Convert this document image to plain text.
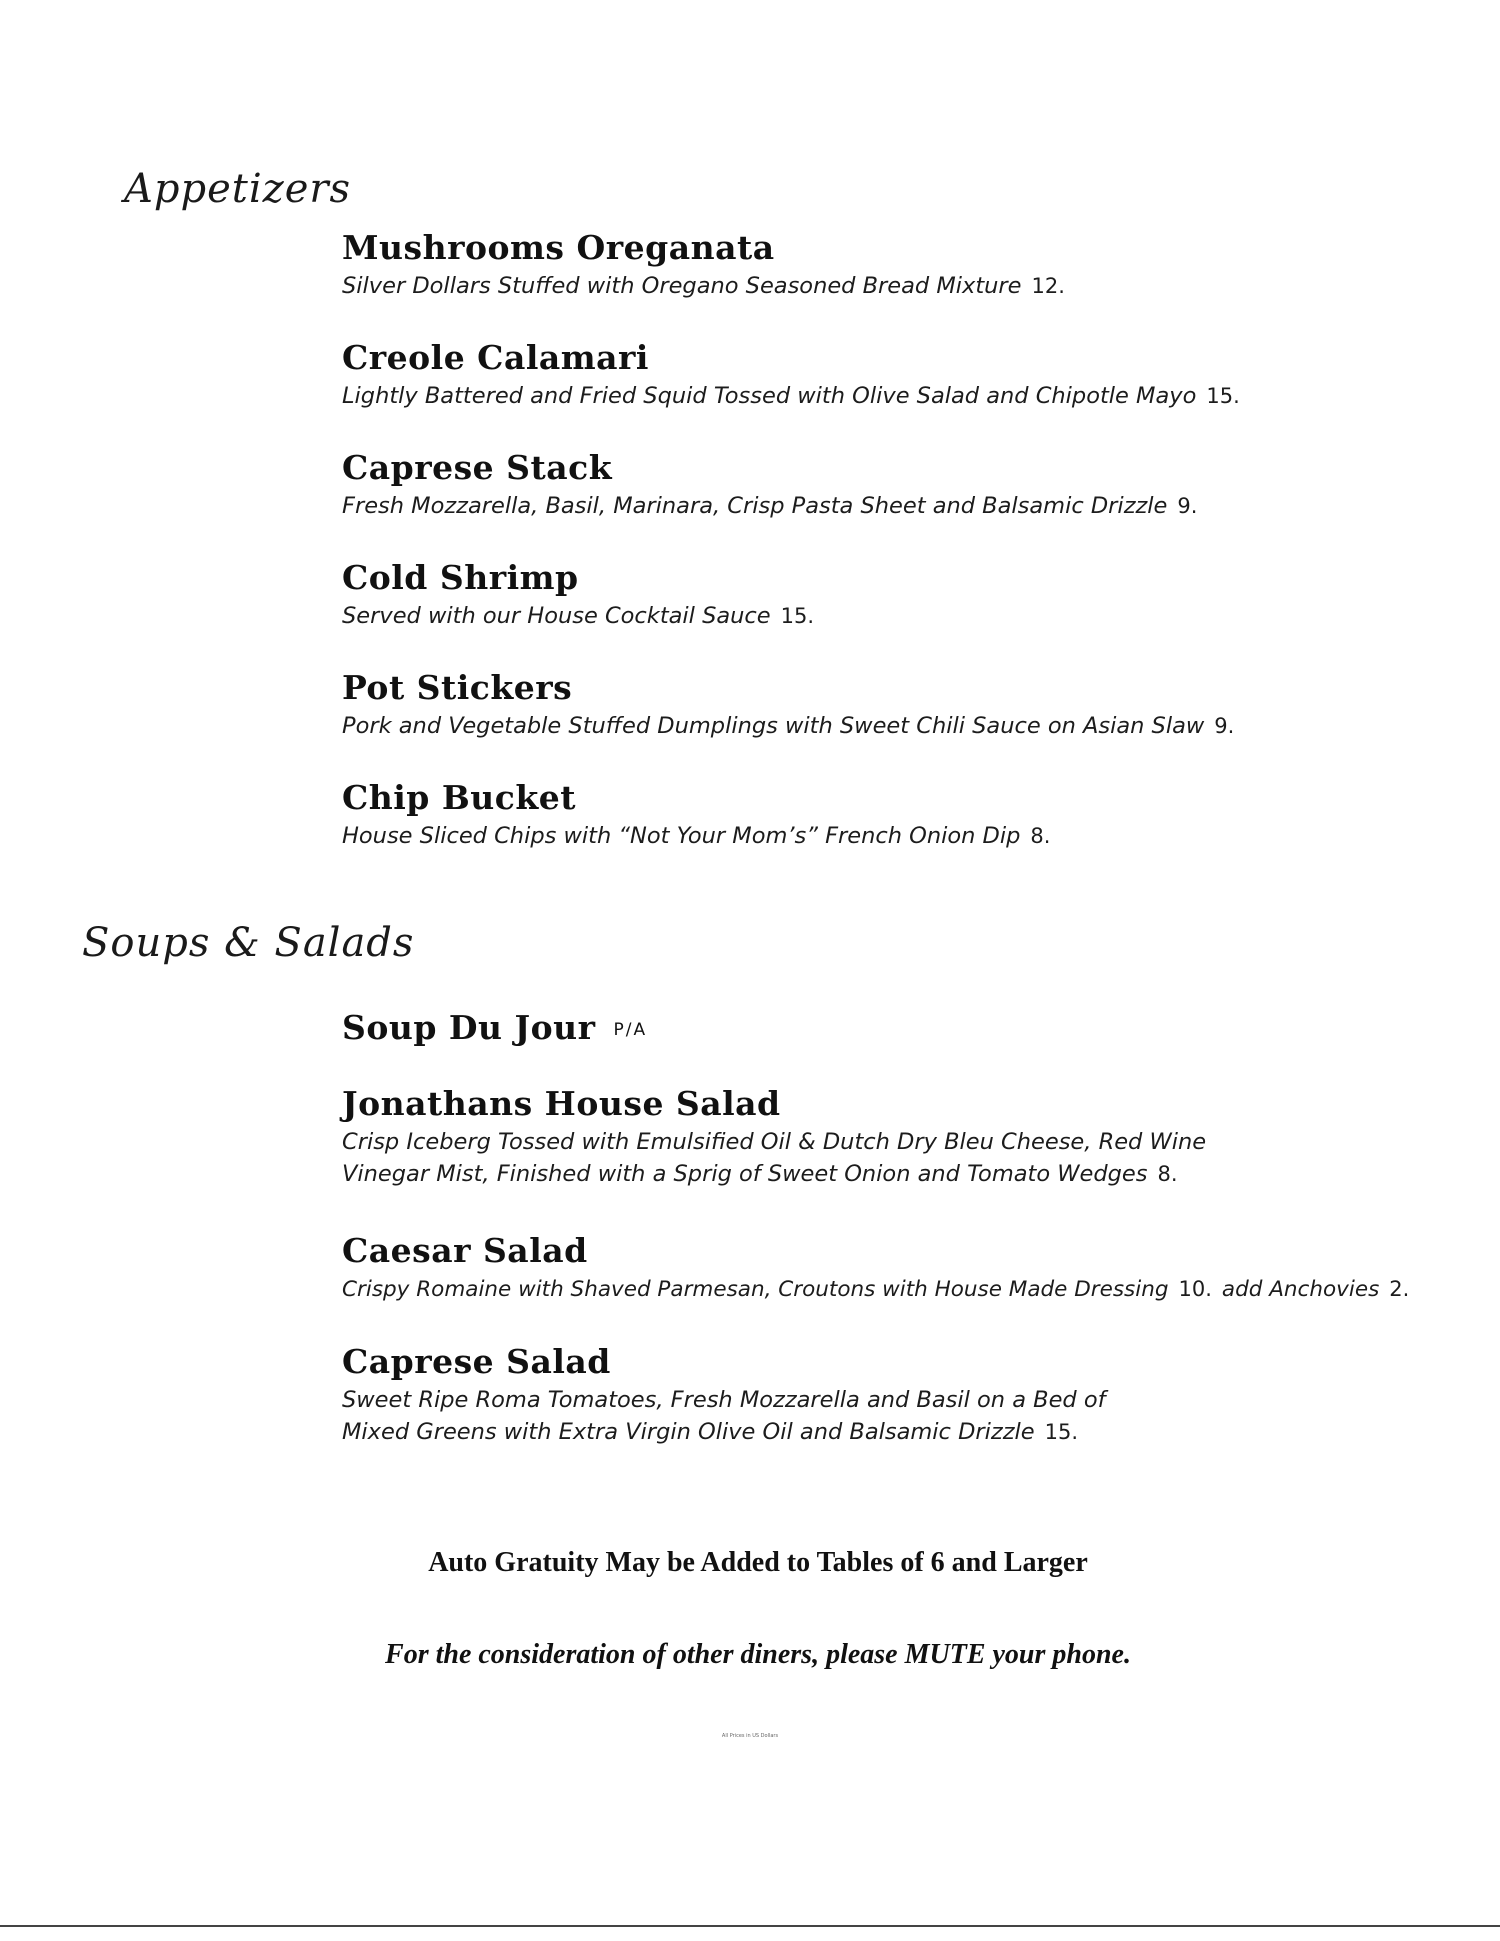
Appetizers
Mushrooms Oreganata

Silver Dollars Stuffed with Oregano Seasoned Bread Mixture 12.

Creole Calamari

Lightly Battered and Fried Squid Tossed with Olive Salad and Chipotle Mayo 15.

Caprese Stack

Fresh Mozzarella, Basil, Marinara, Crisp Pasta Sheet and Balsamic Drizzle 9.

Cold Shrimp

Served with our House Cocktail Sauce 15.

Pot Stickers

Pork and Vegetable Stuffed Dumplings with Sweet Chili Sauce on Asian Slaw 9.

Chip Bucket

House Sliced Chips with “Not Your Mom’s” French Onion Dip 8.

Soups & Salads
Soup Du Jour P/A
Jonathans House Salad

Crisp Iceberg Tossed with Emulsified Oil & Dutch Dry Bleu Cheese, Red Wine
Vinegar Mist, Finished with a Sprig of Sweet Onion and Tomato Wedges 8.

Caesar Salad

Crispy Romaine with Shaved Parmesan, Croutons with House Made Dressing 10. add Anchovies 2.

Caprese Salad

Sweet Ripe Roma Tomatoes, Fresh Mozzarella and Basil on a Bed of
Mixed Greens with Extra Virgin Olive Oil and Balsamic Drizzle 15.

Auto Gratuity May be Added to Tables of 6 and Larger

For the consideration of other diners, please MUTE your phone.

All Prices in US Dollars
